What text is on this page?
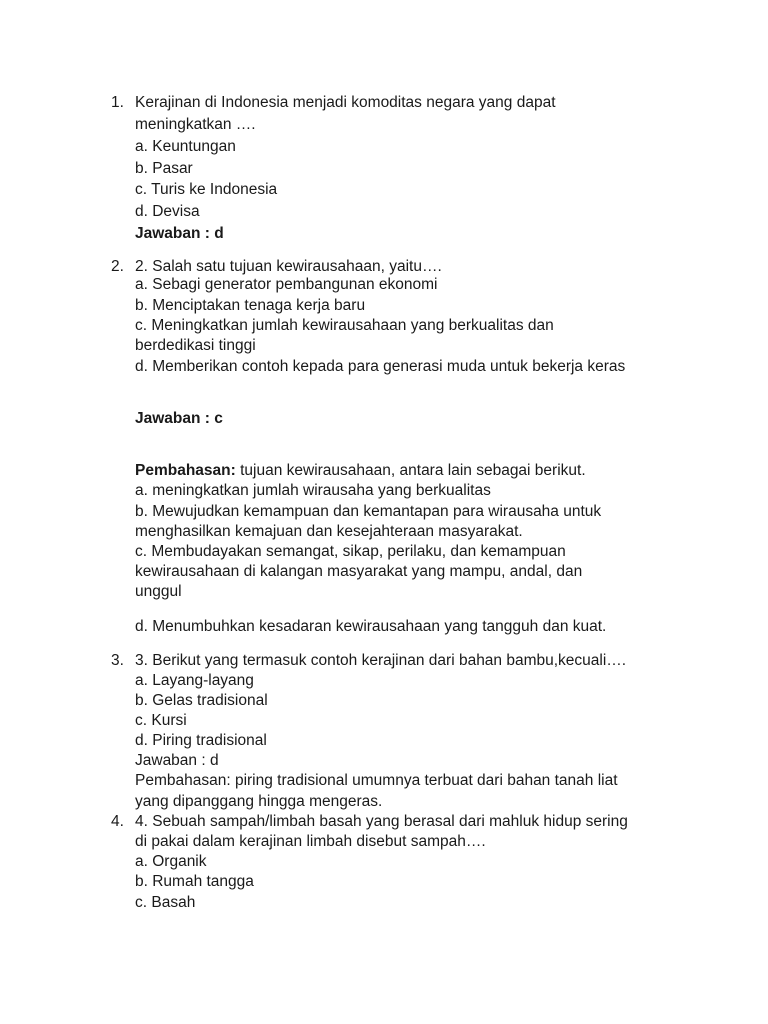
1. Kerajinan di Indonesia menjadi komoditas negara yang dapat
meningkatkan ….
a. Keuntungan
b. Pasar
c. Turis ke Indonesia
d. Devisa
Jawaban : d
2. 2. Salah satu tujuan kewirausahaan, yaitu….
a. Sebagi generator pembangunan ekonomi
b. Menciptakan tenaga kerja baru
c. Meningkatkan jumlah kewirausahaan yang berkualitas dan
berdedikasi tinggi
d. Memberikan contoh kepada para generasi muda untuk bekerja keras
Jawaban : c
Pembahasan: tujuan kewirausahaan, antara lain sebagai berikut.
a. meningkatkan jumlah wirausaha yang berkualitas
b. Mewujudkan kemampuan dan kemantapan para wirausaha untuk
menghasilkan kemajuan dan kesejahteraan masyarakat.
c. Membudayakan semangat, sikap, perilaku, dan kemampuan
kewirausahaan di kalangan masyarakat yang mampu, andal, dan
unggul
d. Menumbuhkan kesadaran kewirausahaan yang tangguh dan kuat.
3. 3. Berikut yang termasuk contoh kerajinan dari bahan bambu,kecuali….
a. Layang-layang
b. Gelas tradisional
c. Kursi
d. Piring tradisional
Jawaban : d
Pembahasan: piring tradisional umumnya terbuat dari bahan tanah liat
yang dipanggang hingga mengeras.
4. 4. Sebuah sampah/limbah basah yang berasal dari mahluk hidup sering
di pakai dalam kerajinan limbah disebut sampah….
a. Organik
b. Rumah tangga
c. Basah
